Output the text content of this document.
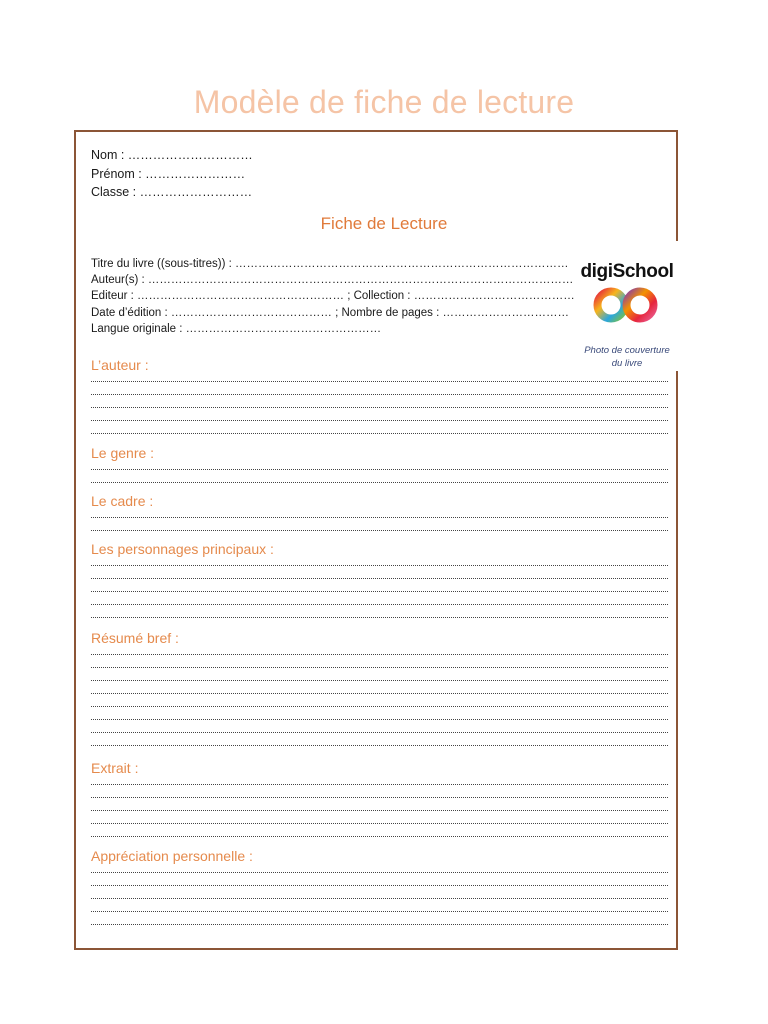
Modèle de fiche de lecture
Nom : …………………………
Prénom : ……………………
Classe : ………………………
Fiche de Lecture
Titre du livre ((sous-titres)) : ……………………………………………………………………………
Auteur(s) : …………………………………………………………………………………………………
Editeur : ……………………………………………… ; Collection : ……………………………………
Date d’édition : …………………………………… ; Nombre de pages : ……………………………
Langue originale : ……………………………………………
digiSchool
Photo de couverture
du livre
L’auteur :
Le genre :
Le cadre :
Les personnages principaux :
Résumé bref :
Extrait :
Appréciation personnelle :
